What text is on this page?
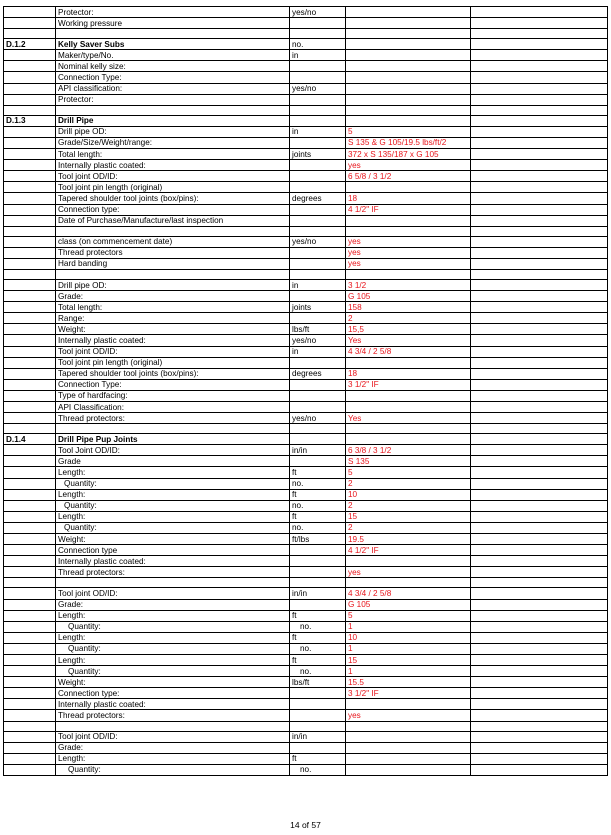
	Protector:	yes/no		
	Working pressure			

D.1.2	Kelly Saver Subs	no.		
	Maker/type/No.	in		
	Nominal kelly size:			
	Connection Type:			
	API classification:	yes/no		
	Protector:			

D.1.3	Drill Pipe			
	Drill pipe OD:	in	5	
	Grade/Size/Weight/range:		S 135 & G 105/19.5 lbs/ft/2	
	Total length:	joints	372 x S 135/187 x G 105	
	Internally plastic coated:		yes	
	Tool joint OD/ID:		6 5/8 / 3 1/2	
	Tool joint pin length (original)			
	Tapered shoulder tool joints (box/pins):	degrees	18	
	Connection type:		4 1/2" IF	
	Date of Purchase/Manufacture/last inspection			

	class (on commencement date)	yes/no	yes	
	Thread protectors		yes	
	Hard banding		yes	

	Drill pipe OD:	in	3 1/2	
	Grade:		G 105	
	Total length:	joints	158	
	Range:		2	
	Weight:	lbs/ft	15,5	
	Internally plastic coated:	yes/no	Yes	
	Tool joint OD/ID:	in	4 3/4 / 2 5/8	
	Tool joint pin length (original)			
	Tapered shoulder tool joints (box/pins):	degrees	18	
	Connection Type:		3 1/2" IF	
	Type of hardfacing:			
	API Classification:			
	Thread protectors:	yes/no	Yes	

D.1.4	Drill Pipe Pup Joints			
	Tool Joint OD/ID:	in/in	6 3/8 / 3 1/2	
	Grade		S 135	
	Length:	ft	5	
	Quantity:	no.	2	
	Length:	ft	10	
	Quantity:	no.	2	
	Length:	ft	15	
	Quantity:	no.	2	
	Weight:	ft/lbs	19.5	
	Connection type		4 1/2" IF	
	Internally plastic coated:			
	Thread protectors:		yes	

	Tool joint OD/ID:	in/in	4 3/4 / 2 5/8	
	Grade:		G 105	
	Length:	ft	5	
	Quantity:	no.	1	
	Length:	ft	10	
	Quantity:	no.	1	
	Length:	ft	15	
	Quantity:	no.	1	
	Weight:	lbs/ft	15.5	
	Connection type:		3 1/2" IF	
	Internally plastic coated:			
	Thread protectors:		yes	

	Tool joint OD/ID:	in/in		
	Grade:			
	Length:	ft		
	Quantity:	no.		
14 of 57
